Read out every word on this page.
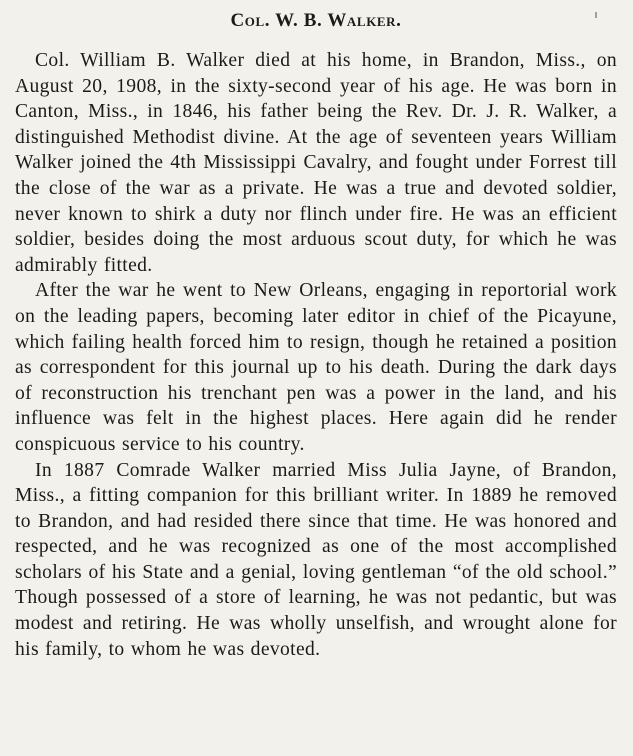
Col. W. B. Walker.

Col. William B. Walker died at his home, in Brandon, Miss., on August 20, 1908, in the sixty-second year of his age. He was born in Canton, Miss., in 1846, his father being the Rev. Dr. J. R. Walker, a distinguished Methodist divine. At the age of seventeen years William Walker joined the 4th Mississippi Cavalry, and fought under Forrest till the close of the war as a private. He was a true and devoted soldier, never known to shirk a duty nor flinch under fire. He was an efficient soldier, besides doing the most arduous scout duty, for which he was admirably fitted.

After the war he went to New Orleans, engaging in reportorial work on the leading papers, becoming later editor in chief of the Picayune, which failing health forced him to resign, though he retained a position as correspondent for this journal up to his death. During the dark days of reconstruction his trenchant pen was a power in the land, and his influence was felt in the highest places. Here again did he render conspicuous service to his country.

In 1887 Comrade Walker married Miss Julia Jayne, of Brandon, Miss., a fitting companion for this brilliant writer. In 1889 he removed to Brandon, and had resided there since that time. He was honored and respected, and he was recognized as one of the most accomplished scholars of his State and a genial, loving gentleman “of the old school.” Though possessed of a store of learning, he was not pedantic, but was modest and retiring. He was wholly unselfish, and wrought alone for his family, to whom he was devoted.
